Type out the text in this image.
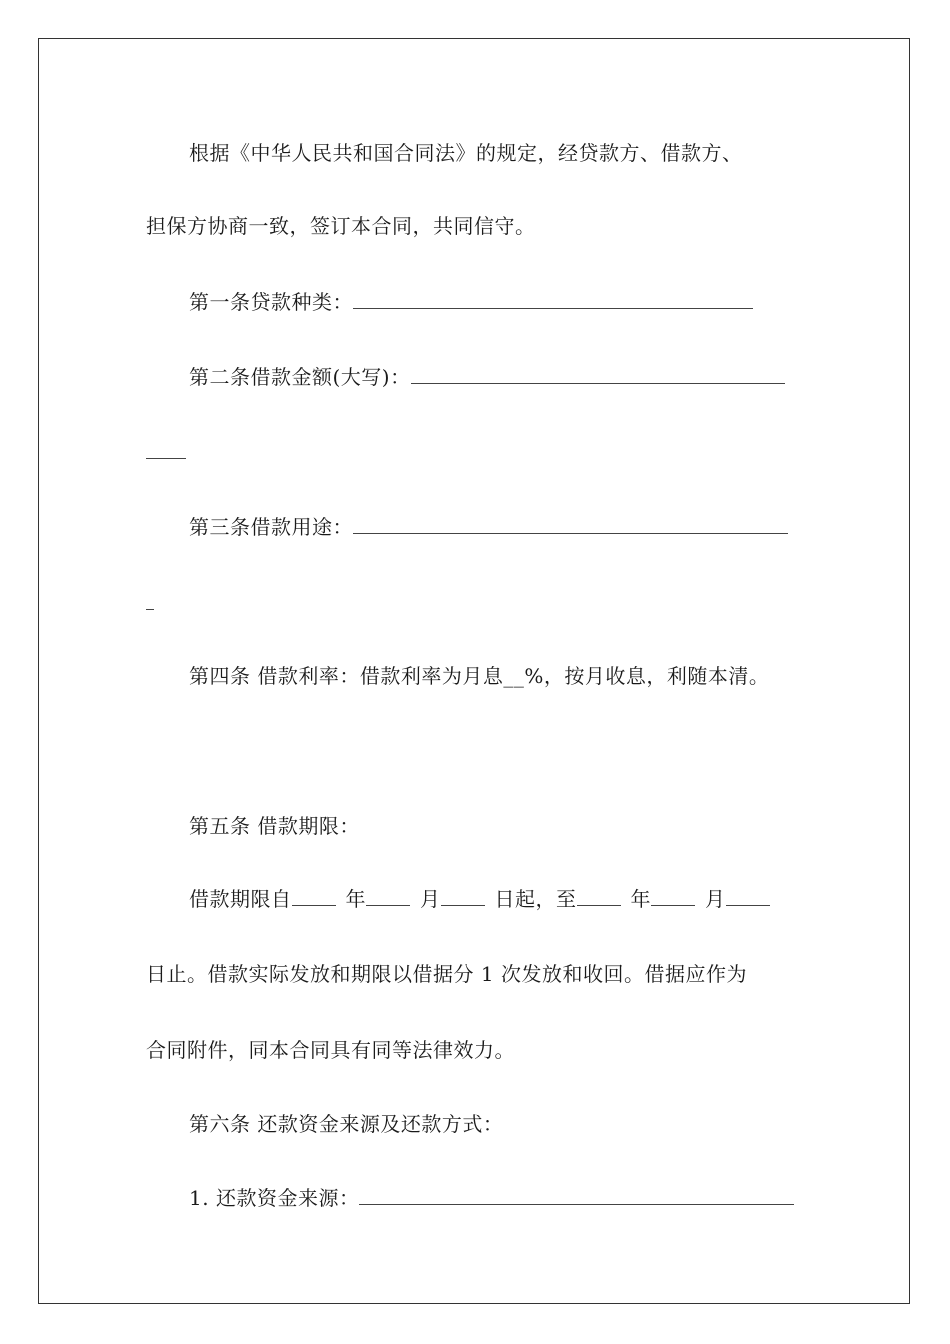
根据《中华人民共和国合同法》的规定，经贷款方、借款方、
担保方协商一致，签订本合同，共同信守。
第一条贷款种类：
第二条借款金额(大写)：
第三条借款用途：
第四条 借款利率：借款利率为月息__%，按月收息，利随本清。
第五条 借款期限：
借款期限自	年	月	日起，至	年	月
日止。借款实际发放和期限以借据分 1 次发放和收回。借据应作为
合同附件，同本合同具有同等法律效力。
第六条 还款资金来源及还款方式：
1. 还款资金来源：
